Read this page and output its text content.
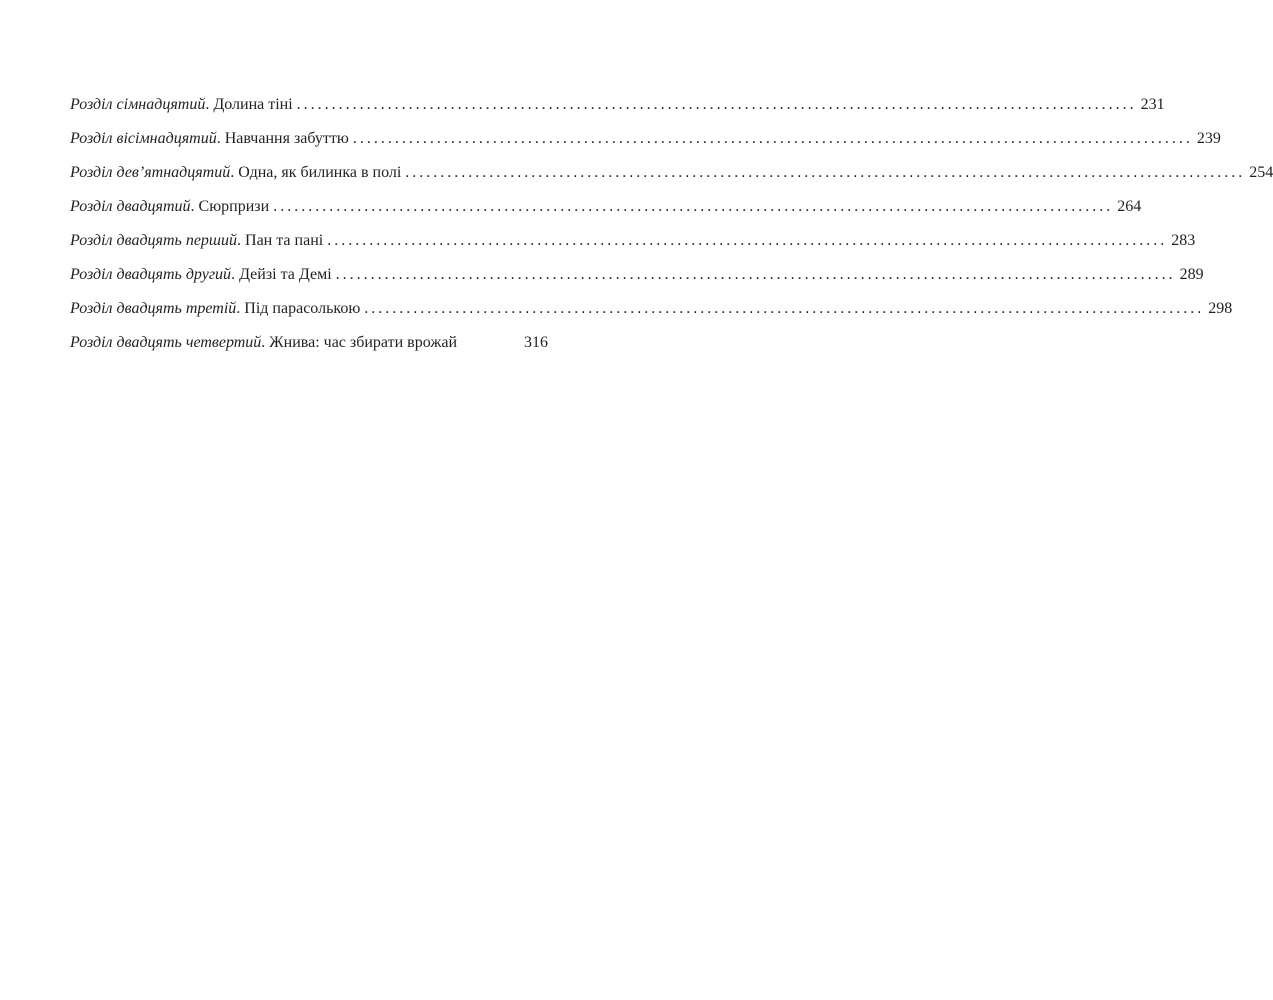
Розділ сімнадцятий . Долина тіні ........................................................................................................................ 231
Розділ вісімнадцятий . Навчання забуттю ........................................................................................................................ 239
Розділ дев’ятнадцятий . Одна, як билинка в полі ........................................................................................................................ 254
Розділ двадцятий . Сюрпризи ........................................................................................................................ 264
Розділ двадцять перший . Пан та пані ........................................................................................................................ 283
Розділ двадцять другий . Дейзі та Демі ........................................................................................................................ 289
Розділ двадцять третій . Під парасолькою ........................................................................................................................ 298
Розділ двадцять четвертий . Жнива: час збирати врожай	316
